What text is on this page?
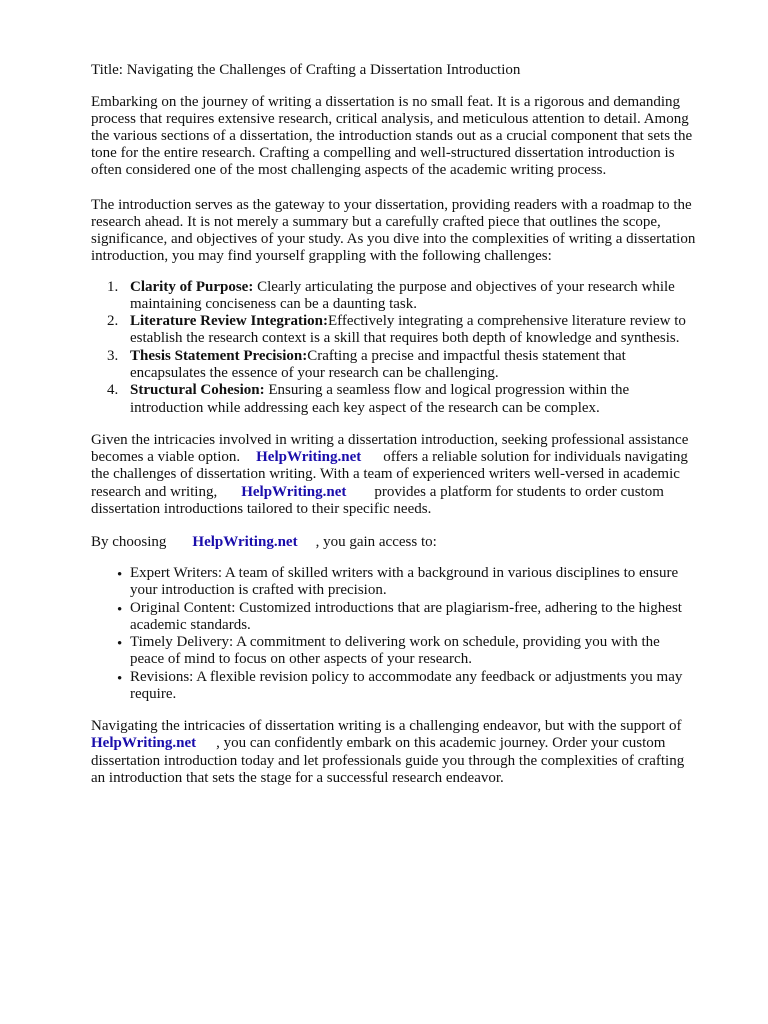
Title: Navigating the Challenges of Crafting a Dissertation Introduction
Embarking on the journey of writing a dissertation is no small feat. It is a rigorous and demanding
process that requires extensive research, critical analysis, and meticulous attention to detail. Among
the various sections of a dissertation, the introduction stands out as a crucial component that sets the
tone for the entire research. Crafting a compelling and well-structured dissertation introduction is
often considered one of the most challenging aspects of the academic writing process.
The introduction serves as the gateway to your dissertation, providing readers with a roadmap to the
research ahead. It is not merely a summary but a carefully crafted piece that outlines the scope,
significance, and objectives of your study. As you dive into the complexities of writing a dissertation
introduction, you may find yourself grappling with the following challenges:
1. Clarity of Purpose: Clearly articulating the purpose and objectives of your research while
maintaining conciseness can be a daunting task.
2. Literature Review Integration:Effectively integrating a comprehensive literature review to
establish the research context is a skill that requires both depth of knowledge and synthesis.
3. Thesis Statement Precision:Crafting a precise and impactful thesis statement that
encapsulates the essence of your research can be challenging.
4. Structural Cohesion: Ensuring a seamless flow and logical progression within the
introduction while addressing each key aspect of the research can be complex.
Given the intricacies involved in writing a dissertation introduction, seeking professional assistance
becomes a viable option. HelpWriting.net offers a reliable solution for individuals navigating
the challenges of dissertation writing. With a team of experienced writers well-versed in academic
research and writing, HelpWriting.net provides a platform for students to order custom
dissertation introductions tailored to their specific needs.
By choosing HelpWriting.net , you gain access to:
• Expert Writers: A team of skilled writers with a background in various disciplines to ensure
your introduction is crafted with precision.
• Original Content: Customized introductions that are plagiarism-free, adhering to the highest
academic standards.
• Timely Delivery: A commitment to delivering work on schedule, providing you with the
peace of mind to focus on other aspects of your research.
• Revisions: A flexible revision policy to accommodate any feedback or adjustments you may
require.
Navigating the intricacies of dissertation writing is a challenging endeavor, but with the support of
HelpWriting.net , you can confidently embark on this academic journey. Order your custom
dissertation introduction today and let professionals guide you through the complexities of crafting
an introduction that sets the stage for a successful research endeavor.
